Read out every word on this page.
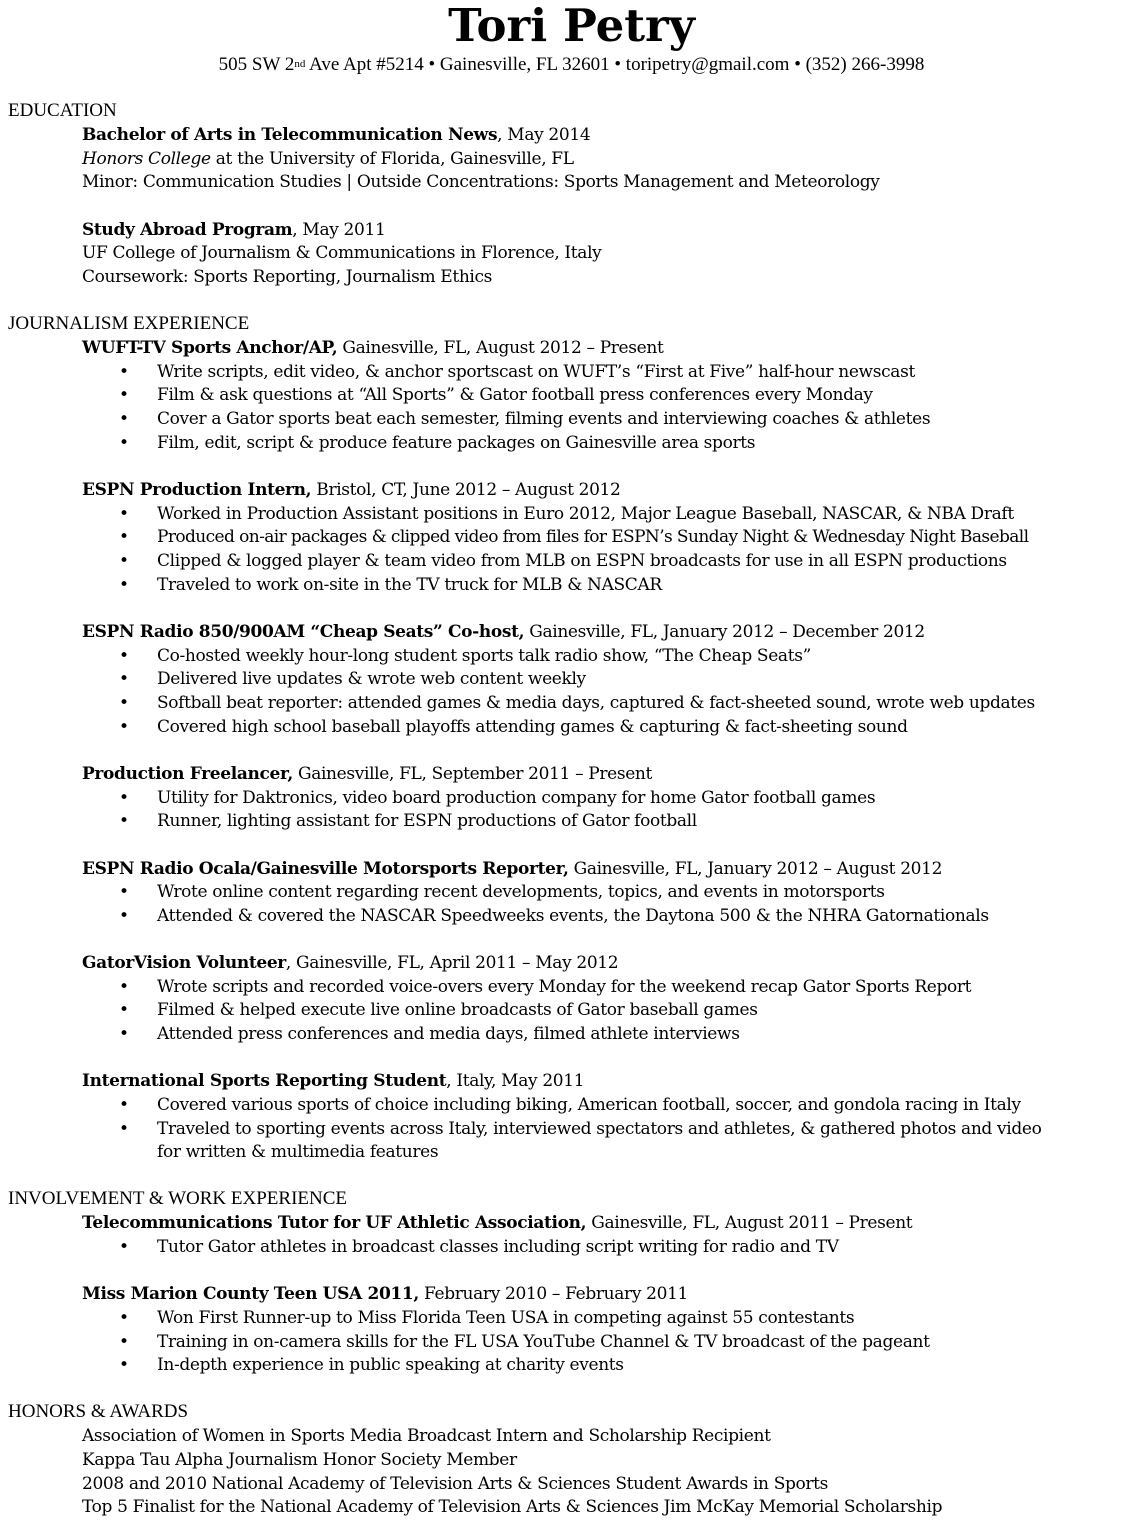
Tori Petry
505 SW 2nd Ave Apt #5214 • Gainesville, FL 32601 • toripetry@gmail.com • (352) 266-3998
EDUCATION
Bachelor of Arts in Telecommunication News, May 2014
Honors College at the University of Florida, Gainesville, FL
Minor: Communication Studies | Outside Concentrations: Sports Management and Meteorology
Study Abroad Program, May 2011
UF College of Journalism & Communications in Florence, Italy
Coursework: Sports Reporting, Journalism Ethics
JOURNALISM EXPERIENCE
WUFT-TV Sports Anchor/AP, Gainesville, FL, August 2012 – Present
• Write scripts, edit video, & anchor sportscast on WUFT’s “First at Five” half-hour newscast
• Film & ask questions at “All Sports” & Gator football press conferences every Monday
• Cover a Gator sports beat each semester, filming events and interviewing coaches & athletes
• Film, edit, script & produce feature packages on Gainesville area sports
ESPN Production Intern, Bristol, CT, June 2012 – August 2012
• Worked in Production Assistant positions in Euro 2012, Major League Baseball, NASCAR, & NBA Draft
• Produced on-air packages & clipped video from files for ESPN’s Sunday Night & Wednesday Night Baseball
• Clipped & logged player & team video from MLB on ESPN broadcasts for use in all ESPN productions
• Traveled to work on-site in the TV truck for MLB & NASCAR
ESPN Radio 850/900AM “Cheap Seats” Co-host, Gainesville, FL, January 2012 – December 2012
• Co-hosted weekly hour-long student sports talk radio show, “The Cheap Seats”
• Delivered live updates & wrote web content weekly
• Softball beat reporter: attended games & media days, captured & fact-sheeted sound, wrote web updates
• Covered high school baseball playoffs attending games & capturing & fact-sheeting sound
Production Freelancer, Gainesville, FL, September 2011 – Present
• Utility for Daktronics, video board production company for home Gator football games
• Runner, lighting assistant for ESPN productions of Gator football
ESPN Radio Ocala/Gainesville Motorsports Reporter, Gainesville, FL, January 2012 – August 2012
• Wrote online content regarding recent developments, topics, and events in motorsports
• Attended & covered the NASCAR Speedweeks events, the Daytona 500 & the NHRA Gatornationals
GatorVision Volunteer, Gainesville, FL, April 2011 – May 2012
• Wrote scripts and recorded voice-overs every Monday for the weekend recap Gator Sports Report
• Filmed & helped execute live online broadcasts of Gator baseball games
• Attended press conferences and media days, filmed athlete interviews
International Sports Reporting Student, Italy, May 2011
• Covered various sports of choice including biking, American football, soccer, and gondola racing in Italy
• Traveled to sporting events across Italy, interviewed spectators and athletes, & gathered photos and video
for written & multimedia features
INVOLVEMENT & WORK EXPERIENCE
Telecommunications Tutor for UF Athletic Association, Gainesville, FL, August 2011 – Present
• Tutor Gator athletes in broadcast classes including script writing for radio and TV
Miss Marion County Teen USA 2011, February 2010 – February 2011
• Won First Runner-up to Miss Florida Teen USA in competing against 55 contestants
• Training in on-camera skills for the FL USA YouTube Channel & TV broadcast of the pageant
• In-depth experience in public speaking at charity events
HONORS & AWARDS
Association of Women in Sports Media Broadcast Intern and Scholarship Recipient
Kappa Tau Alpha Journalism Honor Society Member
2008 and 2010 National Academy of Television Arts & Sciences Student Awards in Sports
Top 5 Finalist for the National Academy of Television Arts & Sciences Jim McKay Memorial Scholarship
